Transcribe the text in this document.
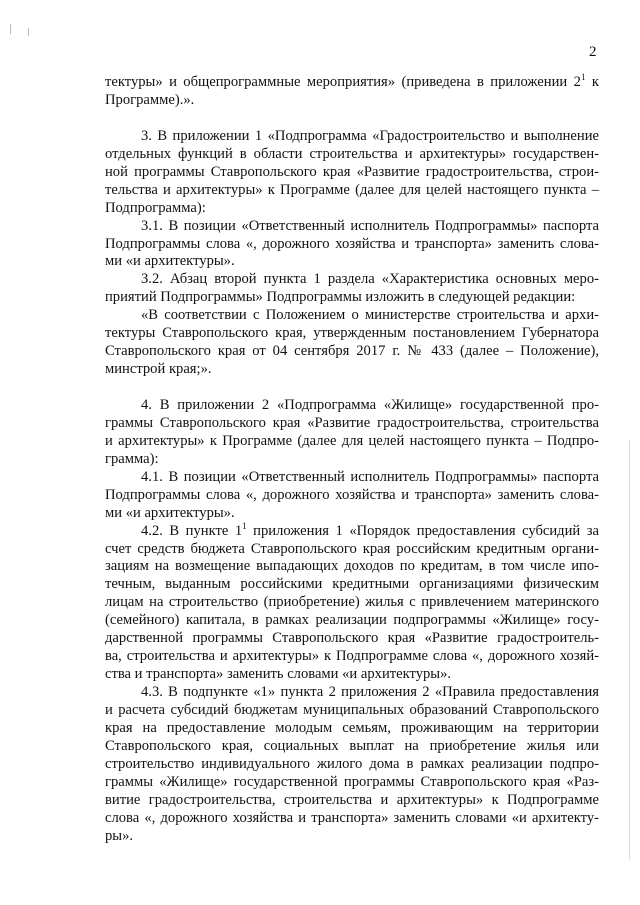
2
тектуры» и общепрограммные мероприятия» (приведена в приложении $2^1$ к
Программе).».
3. В приложении 1 «Подпрограмма «Градостроительство и выполнение
отдельных функций в области строительства и архитектуры» государствен-
ной программы Ставропольского края «Развитие градостроительства, строи-
тельства и архитектуры» к Программе (далее для целей настоящего пункта –
Подпрограмма):
3.1. В позиции «Ответственный исполнитель Подпрограммы» паспорта
Подпрограммы слова «, дорожного хозяйства и транспорта» заменить слова-
ми «и архитектуры».
3.2. Абзац второй пункта 1 раздела «Характеристика основных меро-
приятий Подпрограммы» Подпрограммы изложить в следующей редакции:
«В соответствии с Положением о министерстве строительства и архи-
тектуры Ставропольского края, утвержденным постановлением Губернатора
Ставропольского края от 04 сентября 2017 г. № 433 (далее – Положение),
минстрой края;».
4. В приложении 2 «Подпрограмма «Жилище» государственной про-
граммы Ставропольского края «Развитие градостроительства, строительства
и архитектуры» к Программе (далее для целей настоящего пункта – Подпро-
грамма):
4.1. В позиции «Ответственный исполнитель Подпрограммы» паспорта
Подпрограммы слова «, дорожного хозяйства и транспорта» заменить слова-
ми «и архитектуры».
4.2. В пункте $1^1$ приложения 1 «Порядок предоставления субсидий за
счет средств бюджета Ставропольского края российским кредитным органи-
зациям на возмещение выпадающих доходов по кредитам, в том числе ипо-
течным, выданным российскими кредитными организациями физическим
лицам на строительство (приобретение) жилья с привлечением материнского
(семейного) капитала, в рамках реализации подпрограммы «Жилище» госу-
дарственной программы Ставропольского края «Развитие градостроитель-
ва, строительства и архитектуры» к Подпрограмме слова «, дорожного хозяй-
ства и транспорта» заменить словами «и архитектуры».
4.3. В подпункте «1» пункта 2 приложения 2 «Правила предоставления
и расчета субсидий бюджетам муниципальных образований Ставропольского
края на предоставление молодым семьям, проживающим на территории
Ставропольского края, социальных выплат на приобретение жилья или
строительство индивидуального жилого дома в рамках реализации подпро-
граммы «Жилище» государственной программы Ставропольского края «Раз-
витие градостроительства, строительства и архитектуры» к Подпрограмме
слова «, дорожного хозяйства и транспорта» заменить словами «и архитекту-
ры».
